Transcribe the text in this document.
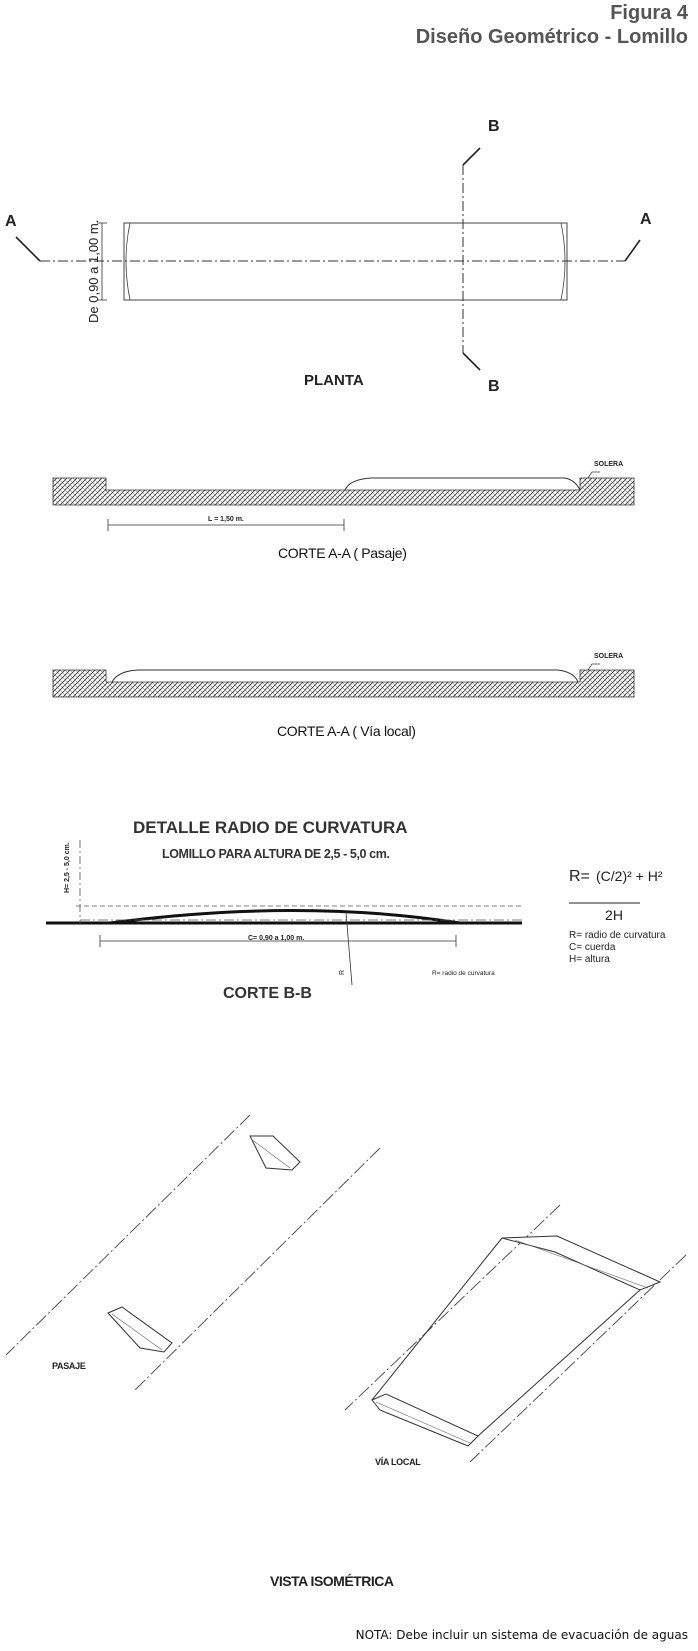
Figura 4
Diseño Geométrico - Lomillo
A	A
B
B
De 0,90 a 1,00 m.
PLANTA
SOLERA
L = 1,50 m.
CORTE A-A ( Pasaje)
SOLERA
CORTE A-A ( Vía local)
DETALLE RADIO DE CURVATURA
LOMILLO PARA ALTURA DE 2,5 - 5,0 cm.
H= 2,5 - 5,0 cm.
C= 0,90 a 1,00 m.
R	R= radio de curvatura
CORTE B-B
R= (C/2)² + H²
2H
R= radio de curvatura
C= cuerda
H= altura
PASAJE
VÍA LOCAL
VISTA ISOMÉTRICA
NOTA: Debe incluir un sistema de evacuación de aguas
